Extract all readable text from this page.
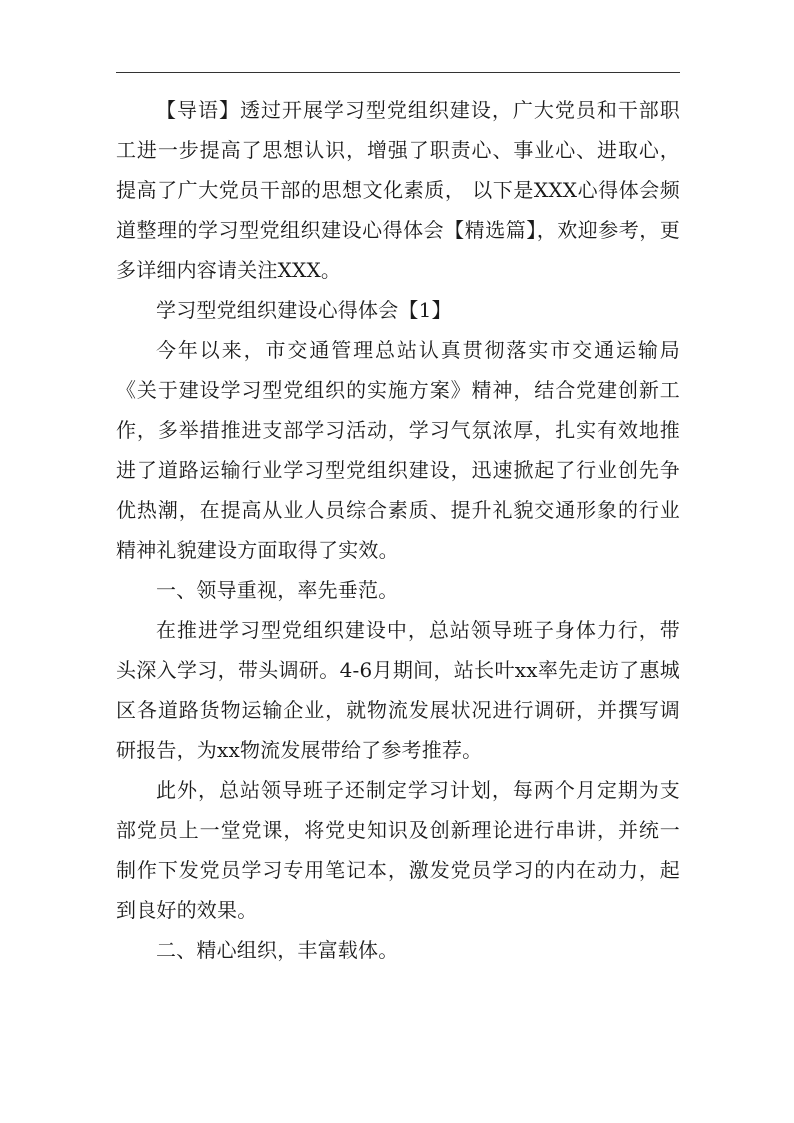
【导语】透过开展学习型党组织建设，广大党员和干部职工进一步提高了思想认识，增强了职责心、事业心、进取心，提高了广大党员干部的思想文化素质， 以下是XXX心得体会频道整理的学习型党组织建设心得体会【精选篇】，欢迎参考，更多详细内容请关注XXX。

学习型党组织建设心得体会【1】

今年以来，市交通管理总站认真贯彻落实市交通运输局《关于建设学习型党组织的实施方案》精神，结合党建创新工作，多举措推进支部学习活动，学习气氛浓厚，扎实有效地推进了道路运输行业学习型党组织建设，迅速掀起了行业创先争优热潮，在提高从业人员综合素质、提升礼貌交通形象的行业精神礼貌建设方面取得了实效。

一、领导重视，率先垂范。

在推进学习型党组织建设中，总站领导班子身体力行，带头深入学习，带头调研。4-6月期间，站长叶xx率先走访了惠城区各道路货物运输企业，就物流发展状况进行调研，并撰写调研报告，为xx物流发展带给了参考推荐。

此外，总站领导班子还制定学习计划，每两个月定期为支部党员上一堂党课，将党史知识及创新理论进行串讲，并统一制作下发党员学习专用笔记本，激发党员学习的内在动力，起到良好的效果。

二、精心组织，丰富载体。
